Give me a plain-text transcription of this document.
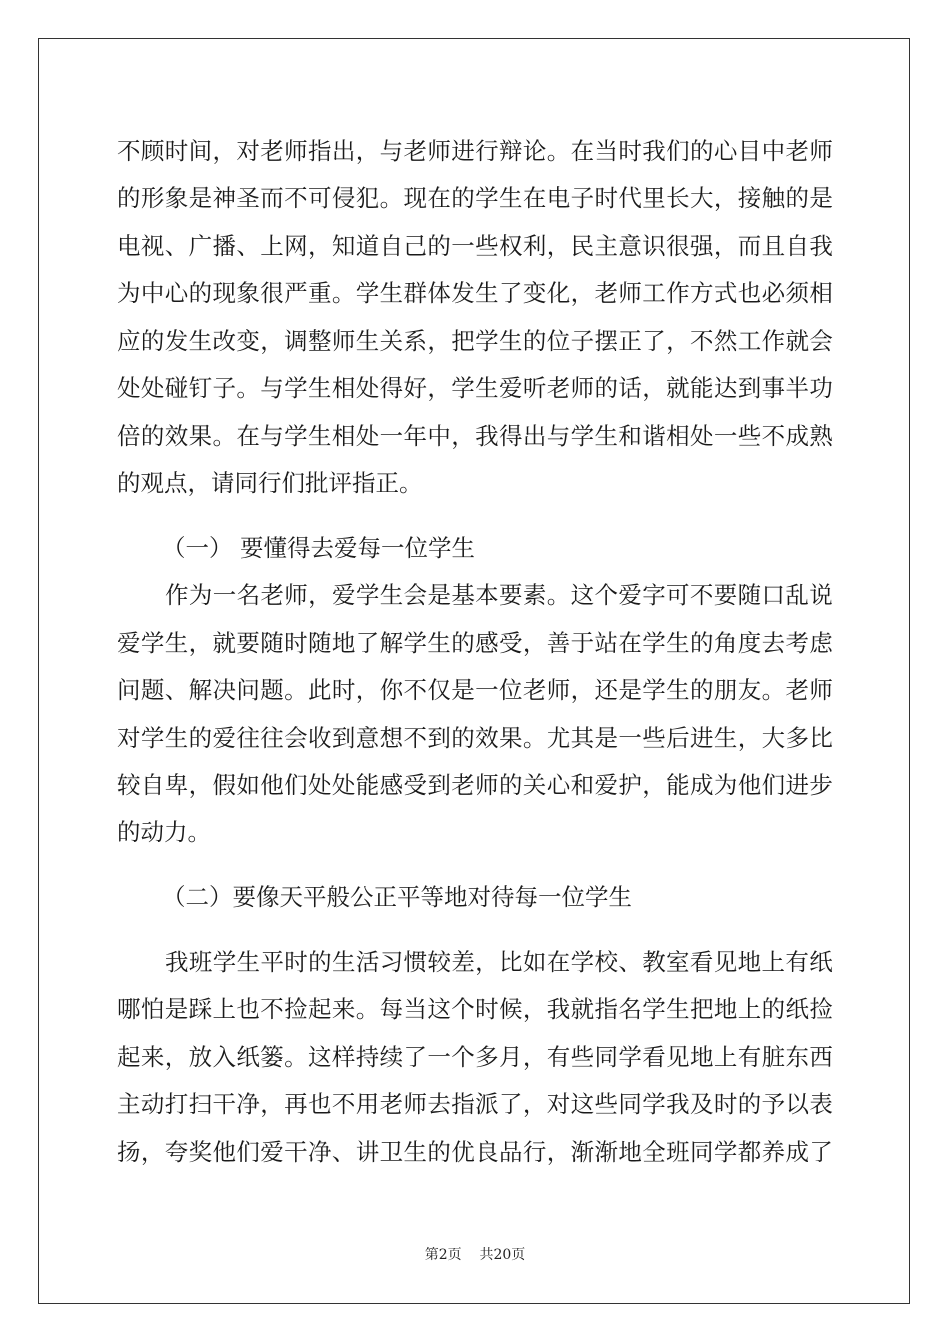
不 顾 时 间 ， 对 老 师 指 出 ， 与 老 师 进 行 辩 论 。 在 当 时 我 们 的 心 目 中 老 师
的 形 象 是 神 圣 而 不 可 侵 犯 。 现 在 的 学 生 在 电 子 时 代 里 长 大 ， 接 触 的 是
电 视 、 广 播 、 上 网 ， 知 道 自 己 的 一 些 权 利 ， 民 主 意 识 很 强 ， 而 且 自 我
为 中 心 的 现 象 很 严 重 。 学 生 群 体 发 生 了 变 化 ， 老 师 工 作 方 式 也 必 须 相
应 的 发 生 改 变 ， 调 整 师 生 关 系 ， 把 学 生 的 位 子 摆 正 了 ， 不 然 工 作 就 会
处 处 碰 钉 子 。 与 学 生 相 处 得 好 ， 学 生 爱 听 老 师 的 话 ， 就 能 达 到 事 半 功
倍 的 效 果 。 在 与 学 生 相 处 一 年 中 ， 我 得 出 与 学 生 和 谐 相 处 一 些 不 成 熟
的观点，请同行们批评指正。
（一） 要懂得去爱每一位学生
作 为 一 名 老 师 ， 爱 学 生 会 是 基 本 要 素 。 这 个 爱 字 可 不 要 随 口 乱 说
爱 学 生 ， 就 要 随 时 随 地 了 解 学 生 的 感 受 ， 善 于 站 在 学 生 的 角 度 去 考 虑
问 题 、 解 决 问 题 。 此 时 ， 你 不 仅 是 一 位 老 师 ， 还 是 学 生 的 朋 友 。 老 师
对 学 生 的 爱 往 往 会 收 到 意 想 不 到 的 效 果 。 尤 其 是 一 些 后 进 生 ， 大 多 比
较 自 卑 ， 假 如 他 们 处 处 能 感 受 到 老 师 的 关 心 和 爱 护 ， 能 成 为 他 们 进 步
的动力。
（二）要像天平般公正平等地对待每一位学生
我 班 学 生 平 时 的 生 活 习 惯 较 差 ， 比 如 在 学 校 、 教 室 看 见 地 上 有 纸
哪 怕 是 踩 上 也 不 捡 起 来 。 每 当 这 个 时 候 ， 我 就 指 名 学 生 把 地 上 的 纸 捡
起 来 ， 放 入 纸 篓 。 这 样 持 续 了 一 个 多 月 ， 有 些 同 学 看 见 地 上 有 脏 东 西
主 动 打 扫 干 净 ， 再 也 不 用 老 师 去 指 派 了 ， 对 这 些 同 学 我 及 时 的 予 以 表
扬 ， 夸 奖 他 们 爱 干 净 、 讲 卫 生 的 优 良 品 行 ， 渐 渐 地 全 班 同 学 都 养 成 了
第2页 共20页
